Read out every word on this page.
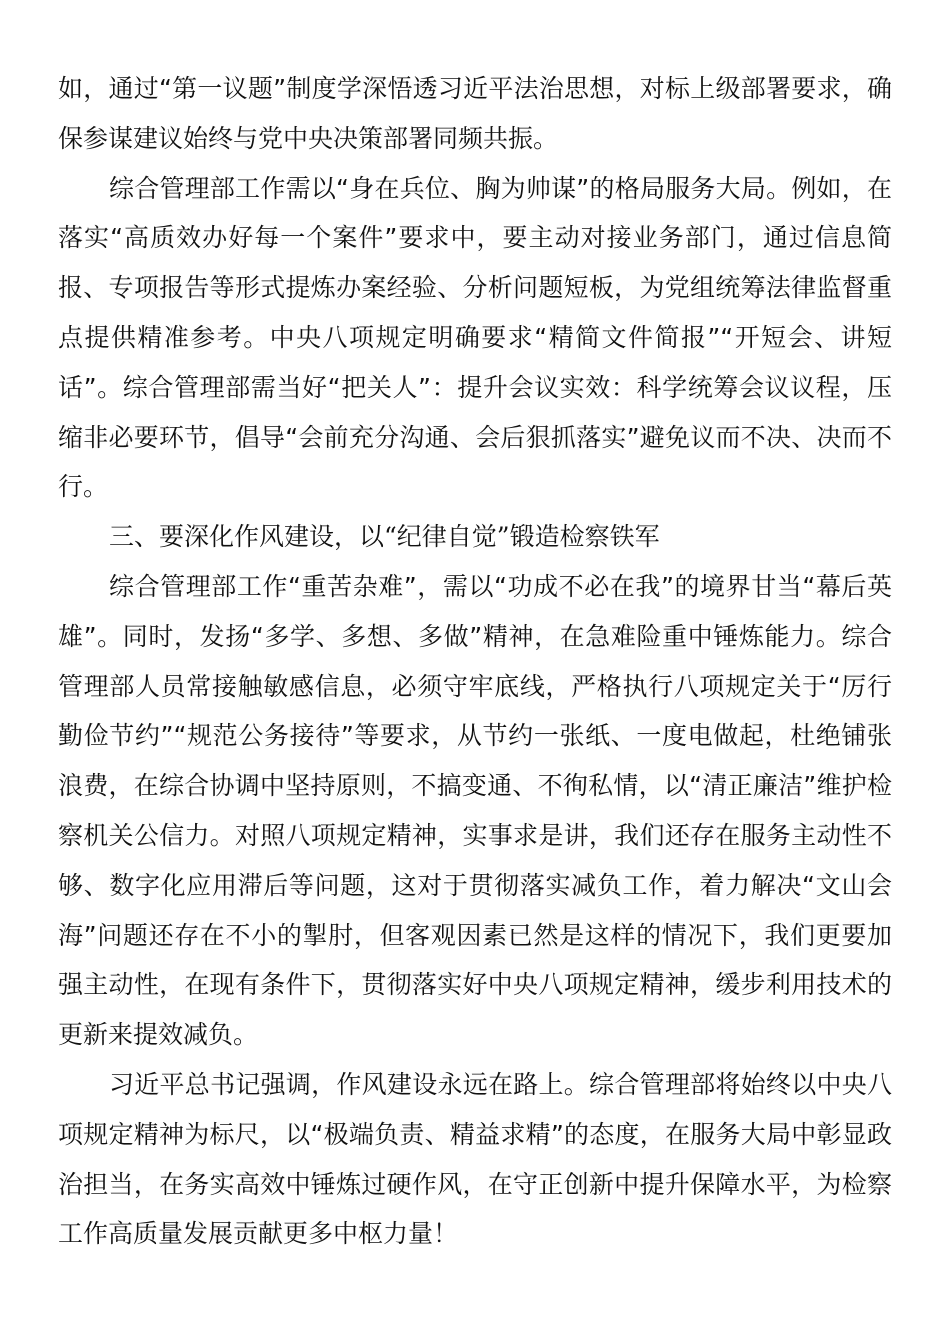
如，通过“第一议题”制度学深悟透习近平法治思想，对标上级部署要求，确保参谋建议始终与党中央决策部署同频共振。

综合管理部工作需以“身在兵位、胸为帅谋”的格局服务大局。例如，在落实“高质效办好每一个案件”要求中，要主动对接业务部门，通过信息简报、专项报告等形式提炼办案经验、分析问题短板，为党组统筹法律监督重点提供精准参考。中央八项规定明确要求“精简文件简报”“开短会、讲短话”。综合管理部需当好“把关人”：提升会议实效：科学统筹会议议程，压缩非必要环节，倡导“会前充分沟通、会后狠抓落实”避免议而不决、决而不行。

三、要深化作风建设，以“纪律自觉”锻造检察铁军

综合管理部工作“重苦杂难”，需以“功成不必在我”的境界甘当“幕后英雄”。同时，发扬“多学、多想、多做”精神，在急难险重中锤炼能力。综合管理部人员常接触敏感信息，必须守牢底线，严格执行八项规定关于“厉行勤俭节约”“规范公务接待”等要求，从节约一张纸、一度电做起，杜绝铺张浪费，在综合协调中坚持原则，不搞变通、不徇私情，以“清正廉洁”维护检察机关公信力。对照八项规定精神，实事求是讲，我们还存在服务主动性不够、数字化应用滞后等问题，这对于贯彻落实减负工作，着力解决“文山会海”问题还存在不小的掣肘，但客观因素已然是这样的情况下，我们更要加强主动性，在现有条件下，贯彻落实好中央八项规定精神，缓步利用技术的更新来提效减负。

习近平总书记强调，作风建设永远在路上。综合管理部将始终以中央八项规定精神为标尺，以“极端负责、精益求精”的态度，在服务大局中彰显政治担当，在务实高效中锤炼过硬作风，在守正创新中提升保障水平，为检察工作高质量发展贡献更多中枢力量！
